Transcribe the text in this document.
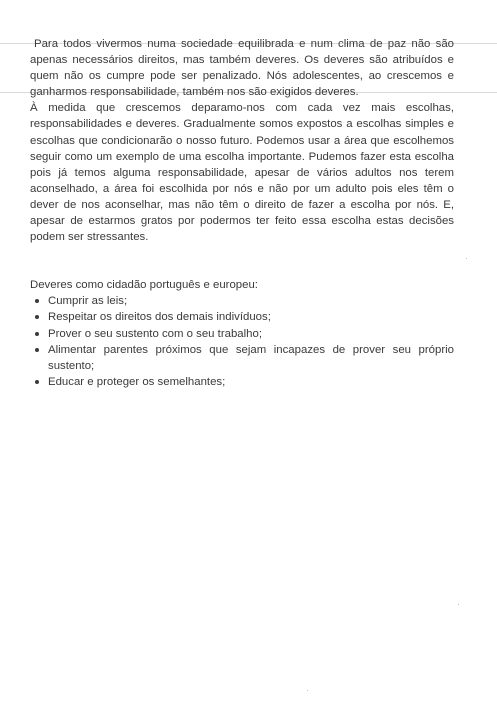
Para todos vivermos numa sociedade equilibrada e num clima de paz não são apenas necessários direitos, mas também deveres. Os deveres são atribuídos e quem não os cumpre pode ser penalizado. Nós adolescentes, ao crescemos e ganharmos responsabilidade, também nos são exigidos deveres.

À medida que crescemos deparamo-nos com cada vez mais escolhas, responsabilidades e deveres. Gradualmente somos expostos a escolhas simples e escolhas que condicionarão o nosso futuro. Podemos usar a área que escolhemos seguir como um exemplo de uma escolha importante. Pudemos fazer esta escolha pois já temos alguma responsabilidade, apesar de vários adultos nos terem aconselhado, a área foi escolhida por nós e não por um adulto pois eles têm o dever de nos aconselhar, mas não têm o direito de fazer a escolha por nós. E, apesar de estarmos gratos por podermos ter feito essa escolha estas decisões podem ser stressantes.

Deveres como cidadão português e europeu:

Cumprir as leis;
Respeitar os direitos dos demais indivíduos;
Prover o seu sustento com o seu trabalho;
Alimentar parentes próximos que sejam incapazes de prover seu próprio sustento;
Educar e proteger os semelhantes;
